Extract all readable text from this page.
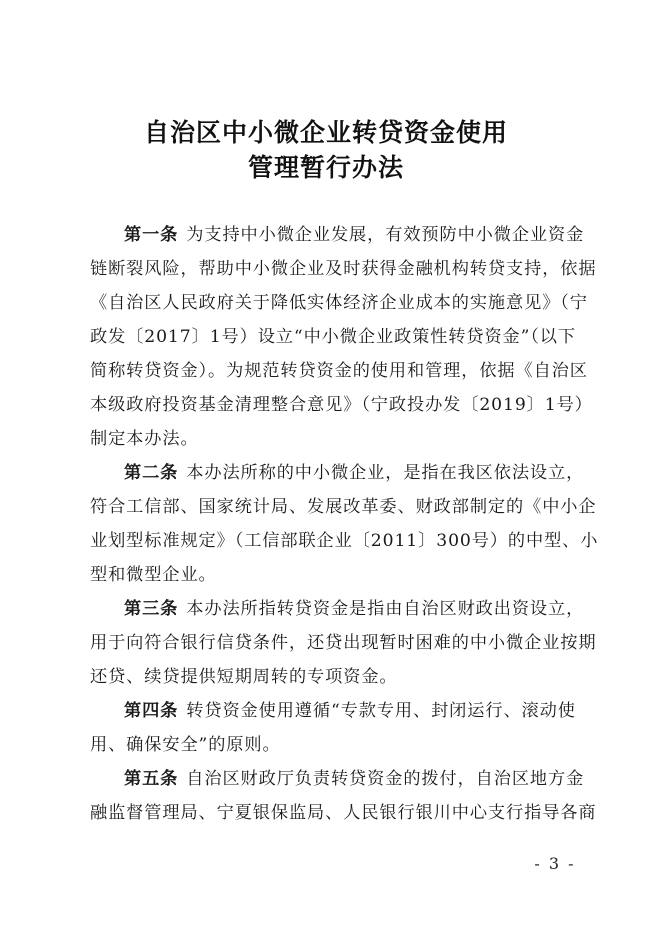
自治区中小微企业转贷资金使用
管理暂行办法
第一条 为支持中小微企业发展，有效预防中小微企业资金
链断裂风险，帮助中小微企业及时获得金融机构转贷支持，依据
《自治区人民政府关于降低实体经济企业成本的实施意见》（宁
政发〔2017〕1号）设立“中小微企业政策性转贷资金”（以下
简称转贷资金）。为规范转贷资金的使用和管理，依据《自治区
本级政府投资基金清理整合意见》（宁政投办发〔2019〕1号）
制定本办法。
第二条 本办法所称的中小微企业，是指在我区依法设立，
符合工信部、国家统计局、发展改革委、财政部制定的《中小企
业划型标准规定》（工信部联企业〔2011〕300号）的中型、小
型和微型企业。
第三条 本办法所指转贷资金是指由自治区财政出资设立，
用于向符合银行信贷条件，还贷出现暂时困难的中小微企业按期
还贷、续贷提供短期周转的专项资金。
第四条 转贷资金使用遵循“专款专用、封闭运行、滚动使
用、确保安全”的原则。
第五条 自治区财政厅负责转贷资金的拨付，自治区地方金
融监督管理局、宁夏银保监局、人民银行银川中心支行指导各商
- 3 -
